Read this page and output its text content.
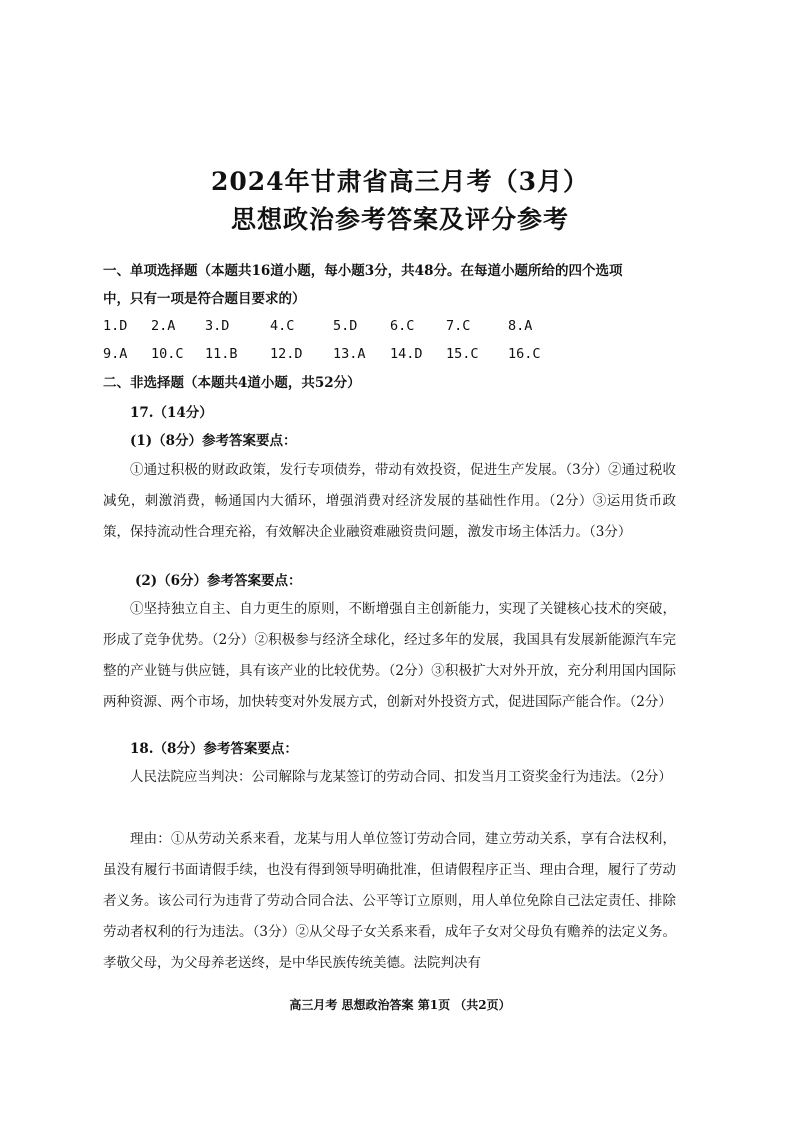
2024年甘肃省高三月考（3月）
思想政治参考答案及评分参考
一、单项选择题（本题共16道小题，每小题3分，共48分。在每道小题所给的四个选项
中，只有一项是符合题目要求的）
1.D 2.A 3.D	4.C	5.D 6.C 7.C	8.A
9.A 10.C 11.B 12.D 13.A 14.D 15.C 16.C
二、非选择题（本题共4道小题，共52分）
17.（14分）
(1)（8分）参考答案要点：
①通过积极的财政政策，发行专项债券，带动有效投资，促进生产发展。（3分）②通过税收减免，刺激消费，畅通国内大循环，增强消费对经济发展的基础性作用。（2分）③运用货币政策，保持流动性合理充裕，有效解决企业融资难融资贵问题，激发市场主体活力。（3分）
(2)（6分）参考答案要点：
①坚持独立自主、自力更生的原则，不断增强自主创新能力，实现了关键核心技术的突破，形成了竞争优势。（2分）②积极参与经济全球化，经过多年的发展，我国具有发展新能源汽车完整的产业链与供应链，具有该产业的比较优势。（2分）③积极扩大对外开放，充分利用国内国际两种资源、两个市场，加快转变对外发展方式，创新对外投资方式，促进国际产能合作。（2分）
18.（8分）参考答案要点：
人民法院应当判决：公司解除与龙某签订的劳动合同、扣发当月工资奖金行为违法。（2分）
理由：①从劳动关系来看，龙某与用人单位签订劳动合同，建立劳动关系，享有合法权利，虽没有履行书面请假手续，也没有得到领导明确批准，但请假程序正当、理由合理，履行了劳动者义务。该公司行为违背了劳动合同合法、公平等订立原则，用人单位免除自己法定责任、排除劳动者权利的行为违法。（3分）②从父母子女关系来看，成年子女对父母负有赡养的法定义务。孝敬父母，为父母养老送终，是中华民族传统美德。法院判决有
高三月考 思想政治答案 第1页 （共2页）
